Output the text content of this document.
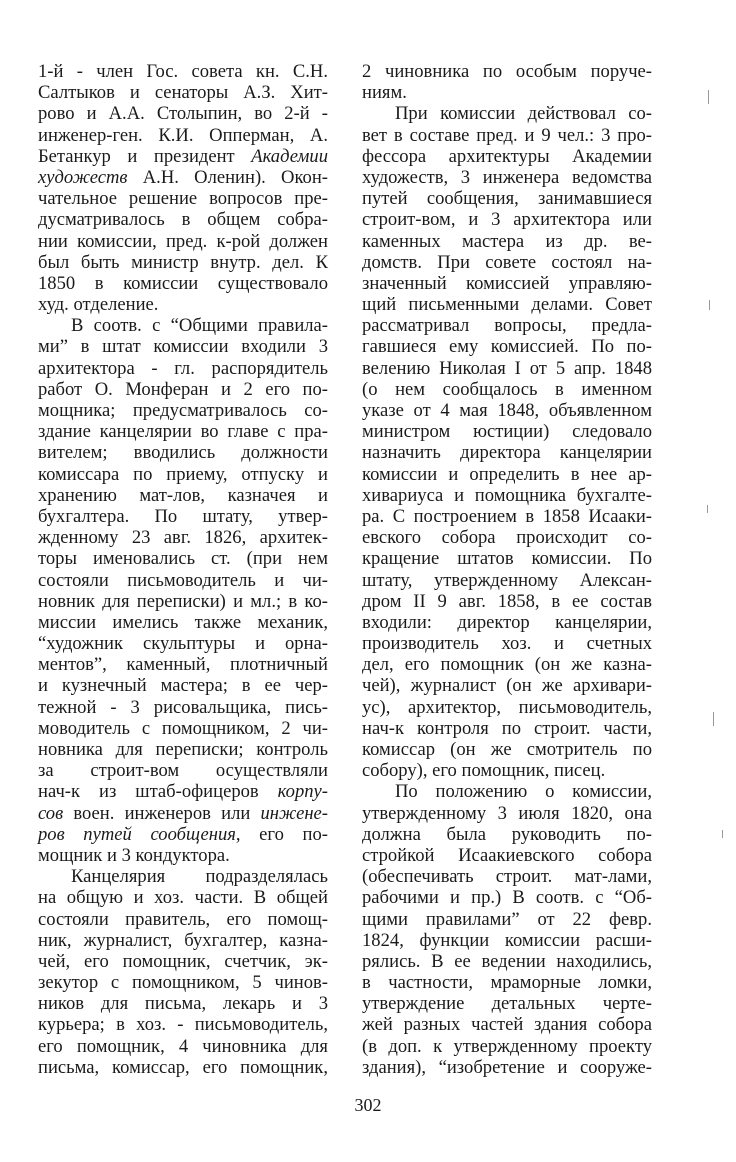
1-й - член Гос. совета кн. С.Н.
Салтыков и сенаторы А.З. Хит-
рово и А.А. Столыпин, во 2-й -
инженер-ген. К.И. Опперман, А.
Бетанкур и президент Академии
художеств А.Н. Оленин). Окон-
чательное решение вопросов пре-
дусматривалось в общем собра-
нии комиссии, пред. к-рой должен
был быть министр внутр. дел. К
1850 в комиссии существовало
худ. отделение.
В соотв. с “Общими правила-
ми” в штат комиссии входили 3
архитектора - гл. распорядитель
работ О. Монферан и 2 его по-
мощника; предусматривалось со-
здание канцелярии во главе с пра-
вителем; вводились должности
комиссара по приему, отпуску и
хранению мат-лов, казначея и
бухгалтера. По штату, утвер-
жденному 23 авг. 1826, архитек-
торы именовались ст. (при нем
состояли письмоводитель и чи-
новник для переписки) и мл.; в ко-
миссии имелись также механик,
“художник скульптуры и орна-
ментов”, каменный, плотничный
и кузнечный мастера; в ее чер-
тежной - 3 рисовальщика, пись-
моводитель с помощником, 2 чи-
новника для переписки; контроль
за строит-вом осуществляли
нач-к из штаб-офицеров корпу-
сов воен. инженеров или инжене-
ров путей сообщения, его по-
мощник и 3 кондуктора.
Канцелярия подразделялась
на общую и хоз. части. В общей
состояли правитель, его помощ-
ник, журналист, бухгалтер, казна-
чей, его помощник, счетчик, эк-
зекутор с помощником, 5 чинов-
ников для письма, лекарь и 3
курьера; в хоз. - письмоводитель,
его помощник, 4 чиновника для
письма, комиссар, его помощник,
2 чиновника по особым поруче-
ниям.
При комиссии действовал со-
вет в составе пред. и 9 чел.: 3 про-
фессора архитектуры Академии
художеств, 3 инженера ведомства
путей сообщения, занимавшиеся
строит-вом, и 3 архитектора или
каменных мастера из др. ве-
домств. При совете состоял на-
значенный комиссией управляю-
щий письменными делами. Совет
рассматривал вопросы, предла-
гавшиеся ему комиссией. По по-
велению Николая I от 5 апр. 1848
(о нем сообщалось в именном
указе от 4 мая 1848, объявленном
министром юстиции) следовало
назначить директора канцелярии
комиссии и определить в нее ар-
хивариуса и помощника бухгалте-
ра. С построением в 1858 Исааки-
евского собора происходит со-
кращение штатов комиссии. По
штату, утвержденному Алексан-
дром II 9 авг. 1858, в ее состав
входили: директор канцелярии,
производитель хоз. и счетных
дел, его помощник (он же казна-
чей), журналист (он же архивари-
ус), архитектор, письмоводитель,
нач-к контроля по строит. части,
комиссар (он же смотритель по
собору), его помощник, писец.
По положению о комиссии,
утвержденному 3 июля 1820, она
должна была руководить по-
стройкой Исаакиевского собора
(обеспечивать строит. мат-лами,
рабочими и пр.) В соотв. с “Об-
щими правилами” от 22 февр.
1824, функции комиссии расши-
рялись. В ее ведении находились,
в частности, мраморные ломки,
утверждение детальных черте-
жей разных частей здания собора
(в доп. к утвержденному проекту
здания), “изобретение и сооруже-
302
